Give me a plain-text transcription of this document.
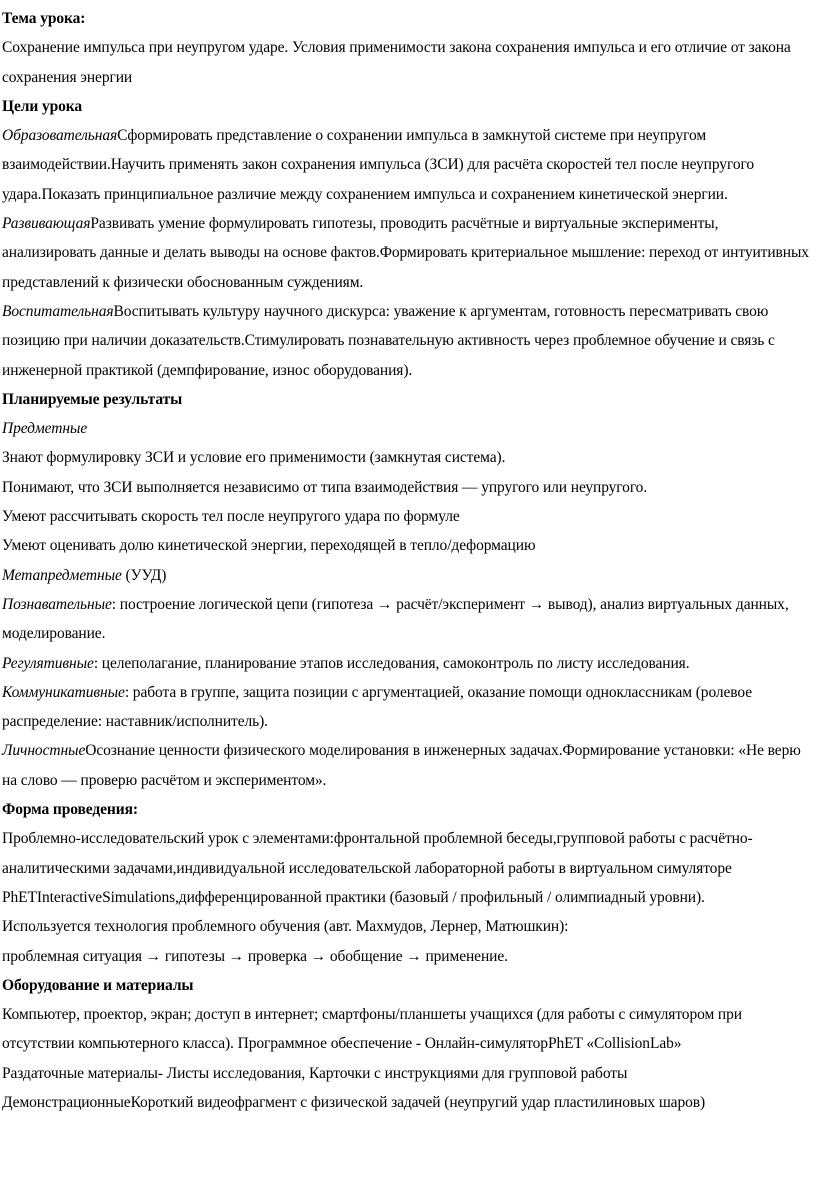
Тема урока:

Сохранение импульса при неупругом ударе. Условия применимости закона сохранения импульса и его отличие от закона сохранения энергии

Цели урока

ОбразовательнаяСформировать представление о сохранении импульса в замкнутой системе при неупругом взаимодействии.Научить применять закон сохранения импульса (ЗСИ) для расчёта скоростей тел после неупругого удара.Показать принципиальное различие между сохранением импульса и сохранением кинетической энергии.

РазвивающаяРазвивать умение формулировать гипотезы, проводить расчётные и виртуальные эксперименты, анализировать данные и делать выводы на основе фактов.Формировать критериальное мышление: переход от интуитивных представлений к физически обоснованным суждениям.

ВоспитательнаяВоспитывать культуру научного дискурса: уважение к аргументам, готовность пересматривать свою позицию при наличии доказательств.Стимулировать познавательную активность через проблемное обучение и связь с инженерной практикой (демпфирование, износ оборудования).

Планируемые результаты

Предметные

Знают формулировку ЗСИ и условие его применимости (замкнутая система).

Понимают, что ЗСИ выполняется независимо от типа взаимодействия — упругого или неупругого.

Умеют рассчитывать скорость тел после неупругого удара по формуле

Умеют оценивать долю кинетической энергии, переходящей в тепло/деформацию

Метапредметные (УУД)

Познавательные: построение логической цепи (гипотеза → расчёт/эксперимент → вывод), анализ виртуальных данных, моделирование.

Регулятивные: целеполагание, планирование этапов исследования, самоконтроль по листу исследования.

Коммуникативные: работа в группе, защита позиции с аргументацией, оказание помощи одноклассникам (ролевое распределение: наставник/исполнитель).

ЛичностныеОсознание ценности физического моделирования в инженерных задачах.Формирование установки: «Не верю на слово — проверю расчётом и экспериментом».

Форма проведения:

Проблемно-исследовательский урок с элементами:фронтальной проблемной беседы,групповой работы с расчётно-аналитическими задачами,индивидуальной исследовательской лабораторной работы в виртуальном симуляторе PhETInteractiveSimulations,дифференцированной практики (базовый / профильный / олимпиадный уровни).

Используется технология проблемного обучения (авт. Махмудов, Лернер, Матюшкин):

проблемная ситуация → гипотезы → проверка → обобщение → применение.

Оборудование и материалы

Компьютер, проектор, экран; доступ в интернет; смартфоны/планшеты учащихся (для работы с симулятором при отсутствии компьютерного класса). Программное обеспечение - Онлайн-симуляторPhET «CollisionLab»

Раздаточные материалы- Листы исследования, Карточки с инструкциями для групповой работы

ДемонстрационныеКороткий видеофрагмент с физической задачей (неупругий удар пластилиновых шаров)
